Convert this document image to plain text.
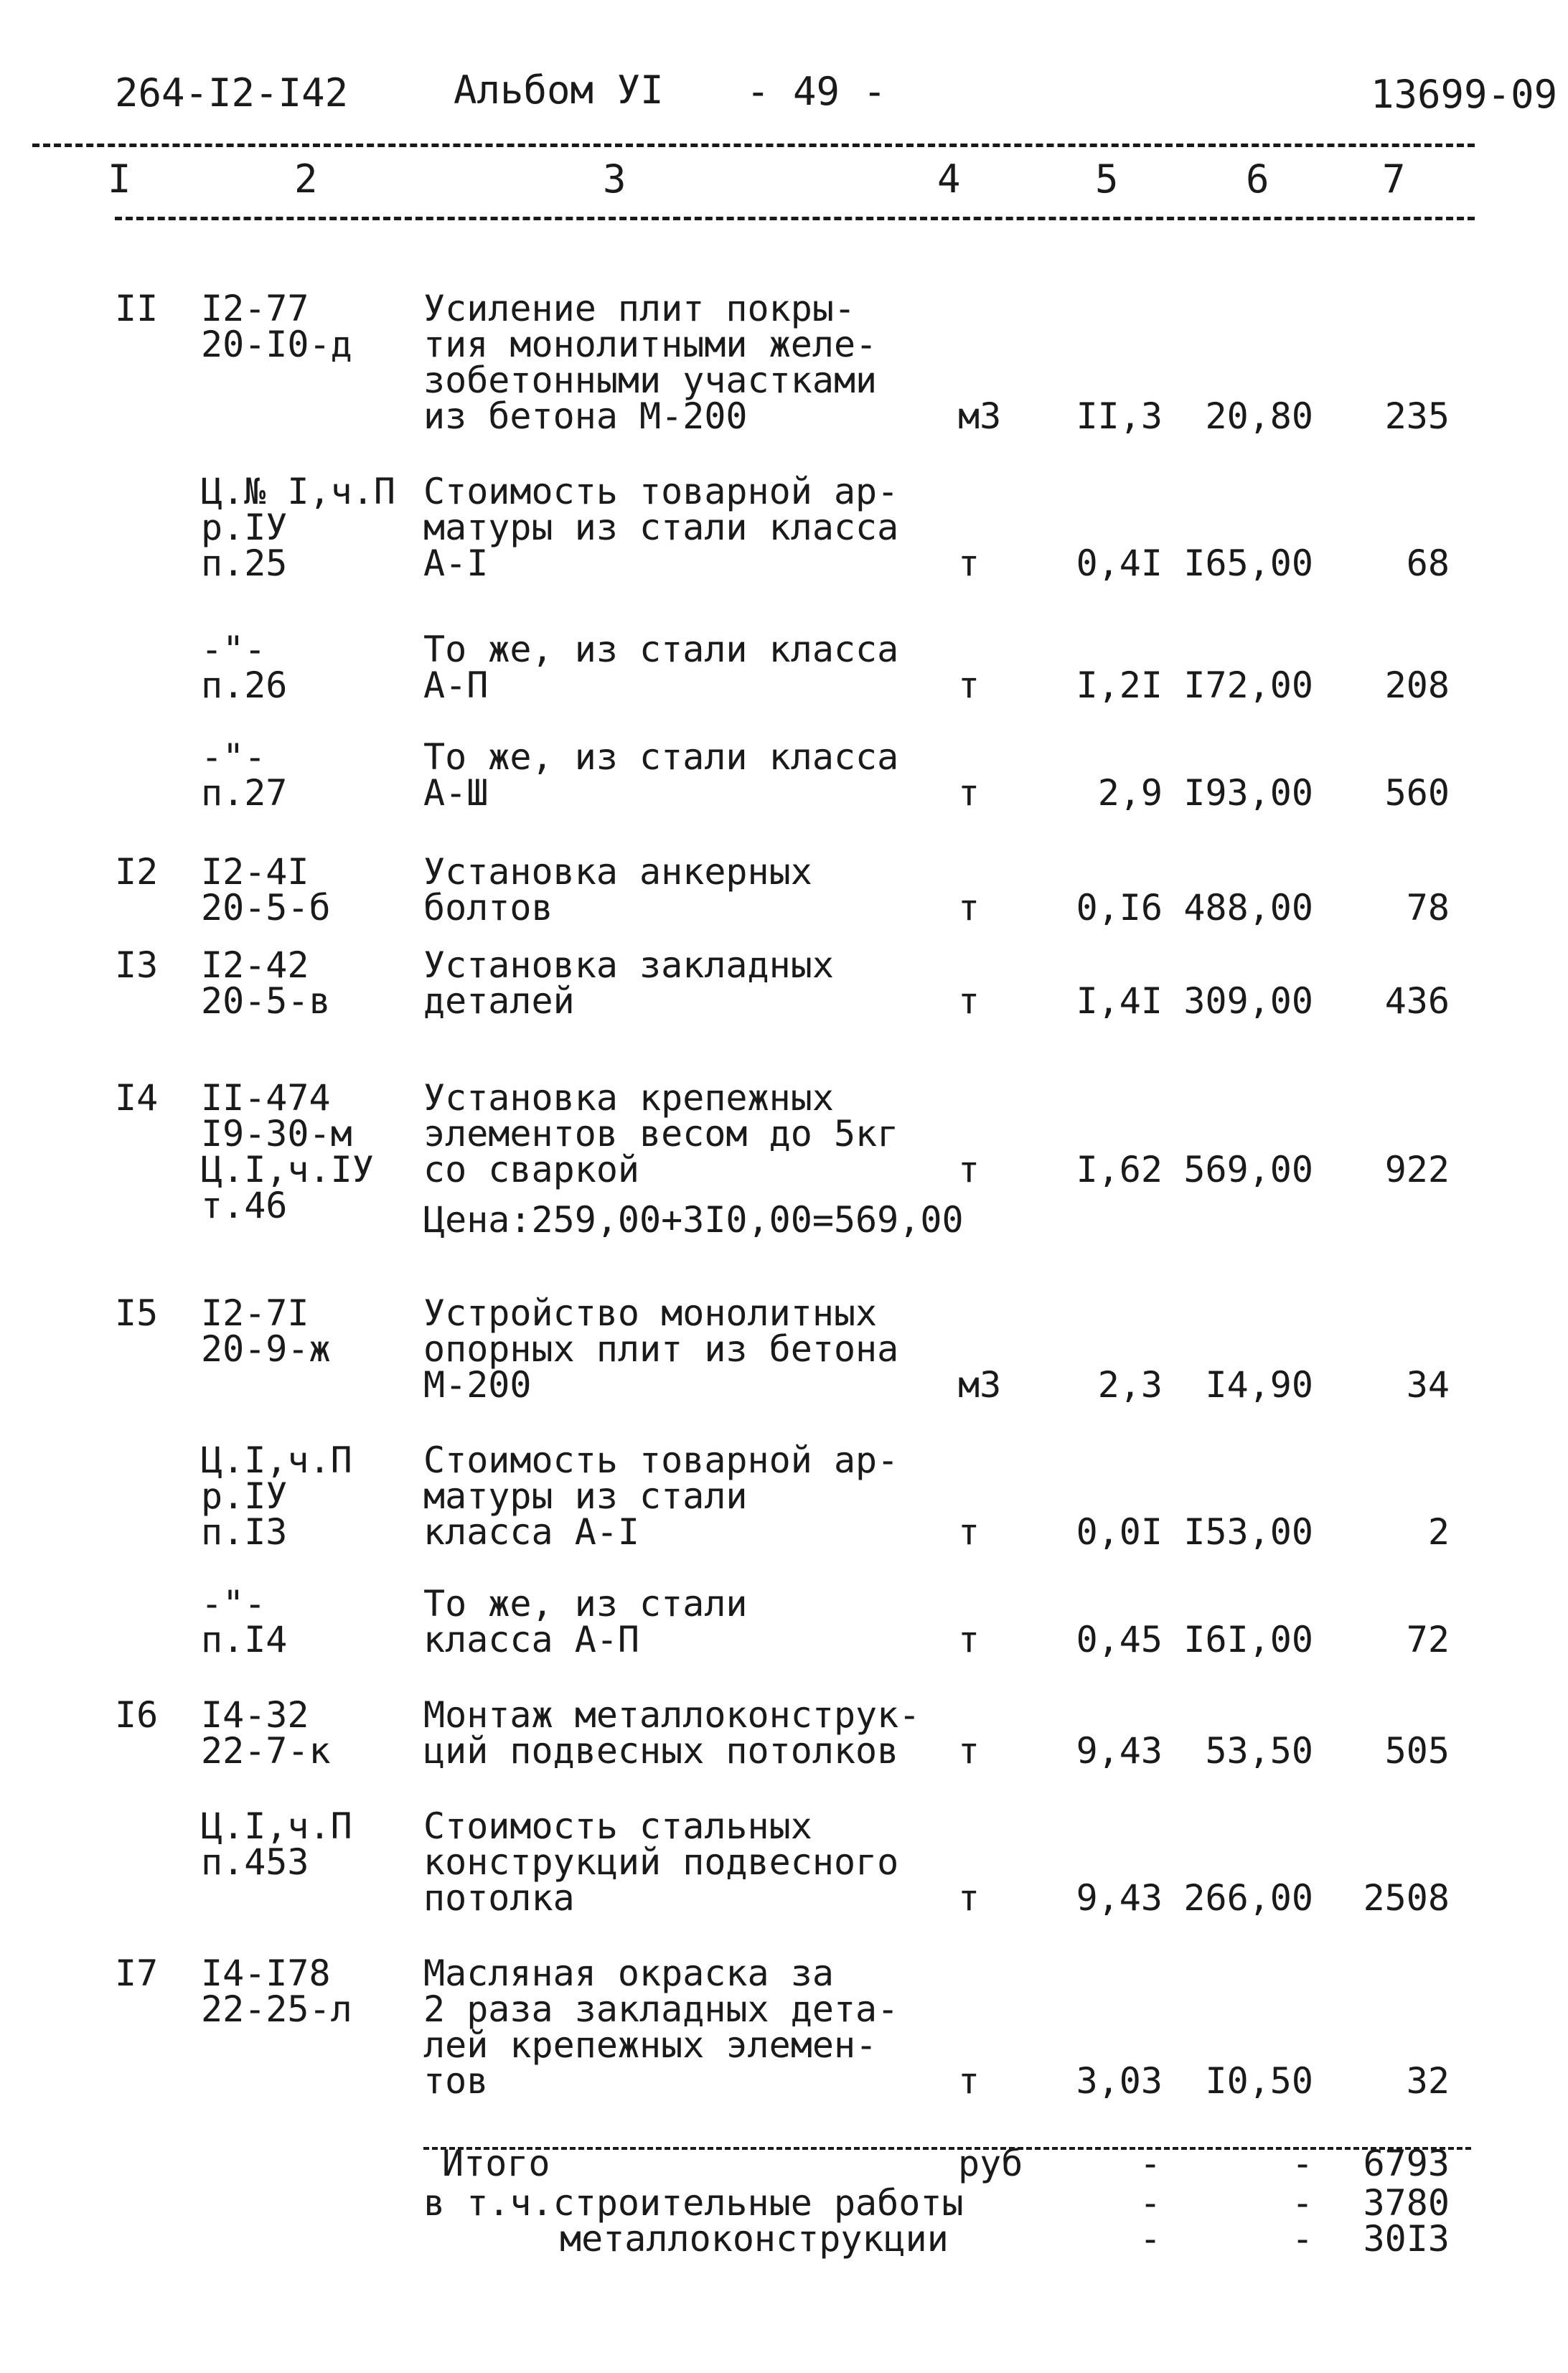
264-I2-I42	Альбом УI - 49 -	13699-09
I	2	3	4	5	6	7
II I2-77
20-I0-д
Усиление плит покры-
тия монолитными желе-
зобетонными участками
из бетона М-200	м3	II,3	20,80	235
Ц.№ I,ч.П
р.IУ
п.25
Стоимость товарной ар-
матуры из стали класса
А-I	т	0,4I I65,00	68
-"-
п.26
То же, из стали класса
А-П	т	I,2I I72,00	208
-"-
п.27
То же, из стали класса
А-Ш	т	2,9 I93,00	560
I2 I2-4I
20-5-б
Установка анкерных
болтов	т	0,I6 488,00	78
I3 I2-42
20-5-в
Установка закладных
деталей	т	I,4I 309,00	436
I4 II-474
I9-30-м
Ц.I,ч.IУ
т.46
Установка крепежных
элементов весом до 5кг
со сваркой	т	I,62 569,00	922
Цена:259,00+3I0,00=569,00
I5 I2-7I
20-9-ж
Устройство монолитных
опорных плит из бетона
М-200	м3	2,3	I4,90	34
Ц.I,ч.П
р.IУ
п.I3
Стоимость товарной ар-
матуры из стали
класса А-I	т	0,0I I53,00	2
-"-
п.I4
То же, из стали
класса А-П	т	0,45 I6I,00	72
I6 I4-32
22-7-к
Монтаж металлоконструк-
ций подвесных потолков т	9,43	53,50	505
Ц.I,ч.П
п.453
Стоимость стальных
конструкций подвесного
потолка	т	9,43 266,00	2508
I7 I4-I78
22-25-л
Масляная окраска за
2 раза закладных дета-
лей крепежных элемен-
тов	т	3,03	I0,50	32
Итого	руб	-	-	6793
в т.ч.строительные работы	-	-	3780
металлоконструкции	-	-	30I3
